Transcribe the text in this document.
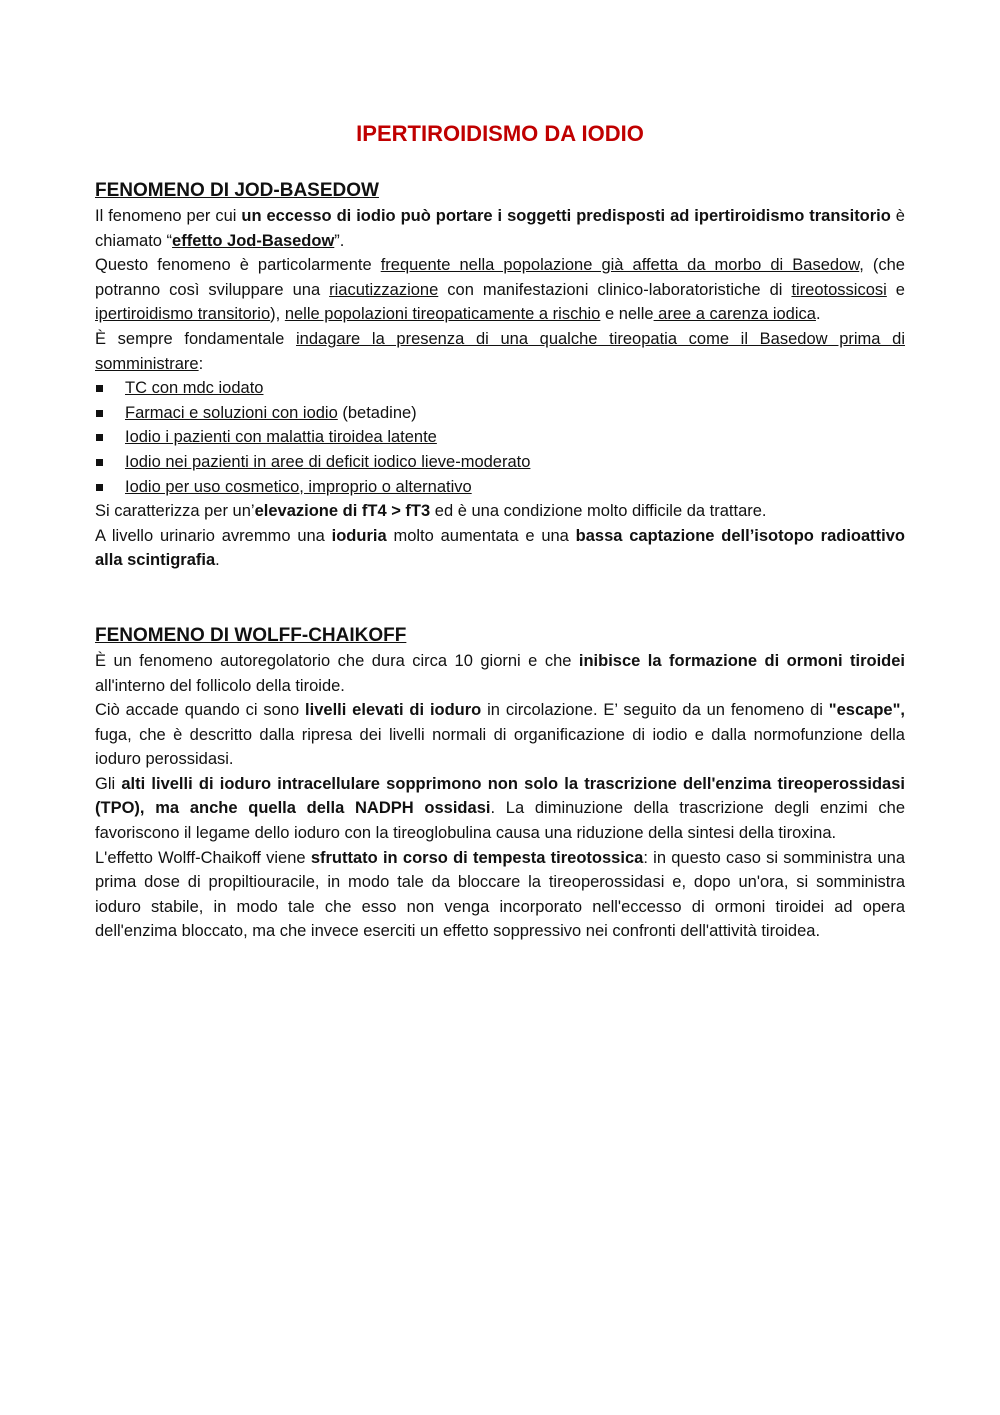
IPERTIROIDISMO DA IODIO
FENOMENO DI JOD-BASEDOW

Il fenomeno per cui un eccesso di iodio può portare i soggetti predisposti ad ipertiroidismo transitorio è chiamato “effetto Jod-Basedow”.

Questo fenomeno è particolarmente frequente nella popolazione già affetta da morbo di Basedow, (che potranno così sviluppare una riacutizzazione con manifestazioni clinico-laboratoristiche di tireotossicosi e ipertiroidismo transitorio), nelle popolazioni tireopaticamente a rischio e nelle aree a carenza iodica.

È sempre fondamentale indagare la presenza di una qualche tireopatia come il Basedow prima di somministrare:

TC con mdc iodato
Farmaci e soluzioni con iodio (betadine)
Iodio i pazienti con malattia tiroidea latente
Iodio nei pazienti in aree di deficit iodico lieve-moderato
Iodio per uso cosmetico, improprio o alternativo

Si caratterizza per un’elevazione di fT4 > fT3 ed è una condizione molto difficile da trattare.

A livello urinario avremmo una ioduria molto aumentata e una bassa captazione dell’isotopo radioattivo alla scintigrafia.

FENOMENO DI WOLFF-CHAIKOFF

È un fenomeno autoregolatorio che dura circa 10 giorni e che inibisce la formazione di ormoni tiroidei all'interno del follicolo della tiroide.

Ciò accade quando ci sono livelli elevati di ioduro in circolazione. E’ seguito da un fenomeno di "escape", fuga, che è descritto dalla ripresa dei livelli normali di organificazione di iodio e dalla normofunzione della ioduro perossidasi.

Gli alti livelli di ioduro intracellulare sopprimono non solo la trascrizione dell'enzima tireoperossidasi (TPO), ma anche quella della NADPH ossidasi. La diminuzione della trascrizione degli enzimi che favoriscono il legame dello ioduro con la tireoglobulina causa una riduzione della sintesi della tiroxina.

L'effetto Wolff-Chaikoff viene sfruttato in corso di tempesta tireotossica: in questo caso si somministra una prima dose di propiltiouracile, in modo tale da bloccare la tireoperossidasi e, dopo un'ora, si somministra ioduro stabile, in modo tale che esso non venga incorporato nell'eccesso di ormoni tiroidei ad opera dell'enzima bloccato, ma che invece eserciti un effetto soppressivo nei confronti dell'attività tiroidea.
